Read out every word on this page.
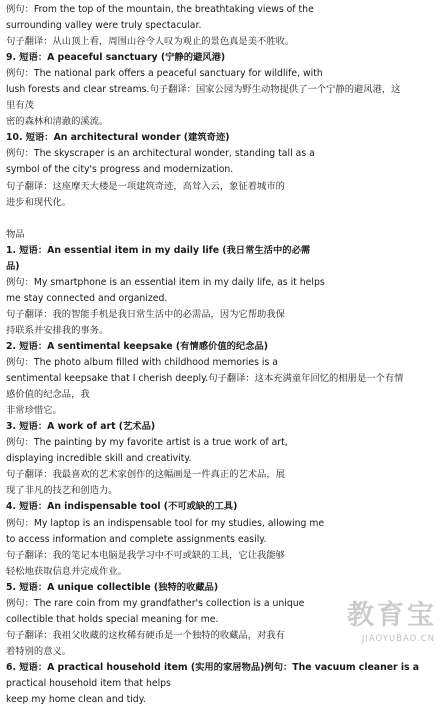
例句：From the top of the mountain, the breathtaking views of the
surrounding valley were truly spectacular.
句子翻译：从山顶上看，周围山谷令人叹为观止的景色真是美不胜收。
9. 短语：A peaceful sanctuary (宁静的避风港)
例句：The national park offers a peaceful sanctuary for wildlife, with
lush forests and clear streams.句子翻译：国家公园为野生动物提供了一个宁静的避风港，这
里有茂
密的森林和清澈的溪流。
10. 短语：An architectural wonder (建筑奇迹)
例句：The skyscraper is an architectural wonder, standing tall as a
symbol of the city's progress and modernization.
句子翻译：这座摩天大楼是一项建筑奇迹，高耸入云，象征着城市的
进步和现代化。
物品
1. 短语：An essential item in my daily life (我日常生活中的必需
品)
例句：My smartphone is an essential item in my daily life, as it helps
me stay connected and organized.
句子翻译：我的智能手机是我日常生活中的必需品，因为它帮助我保
持联系并安排我的事务。
2. 短语：A sentimental keepsake (有情感价值的纪念品)
例句：The photo album filled with childhood memories is a
sentimental keepsake that I cherish deeply.句子翻译：这本充满童年回忆的相册是一个有情
感价值的纪念品，我
非常珍惜它。
3. 短语：A work of art (艺术品)
例句：The painting by my favorite artist is a true work of art,
displaying incredible skill and creativity.
句子翻译：我最喜欢的艺术家创作的这幅画是一件真正的艺术品，展
现了非凡的技艺和创造力。
4. 短语：An indispensable tool (不可或缺的工具)
例句：My laptop is an indispensable tool for my studies, allowing me
to access information and complete assignments easily.
句子翻译：我的笔记本电脑是我学习中不可或缺的工具，它让我能够
轻松地获取信息并完成作业。
5. 短语：A unique collectible (独特的收藏品)
例句：The rare coin from my grandfather's collection is a unique
collectible that holds special meaning for me.
句子翻译：我祖父收藏的这枚稀有硬币是一个独特的收藏品，对我有
着特别的意义。
6. 短语：A practical household item (实用的家居物品)例句：The vacuum cleaner is a
practical household item that helps
keep my home clean and tidy.
教育宝
JIAOYUBAO.CN
